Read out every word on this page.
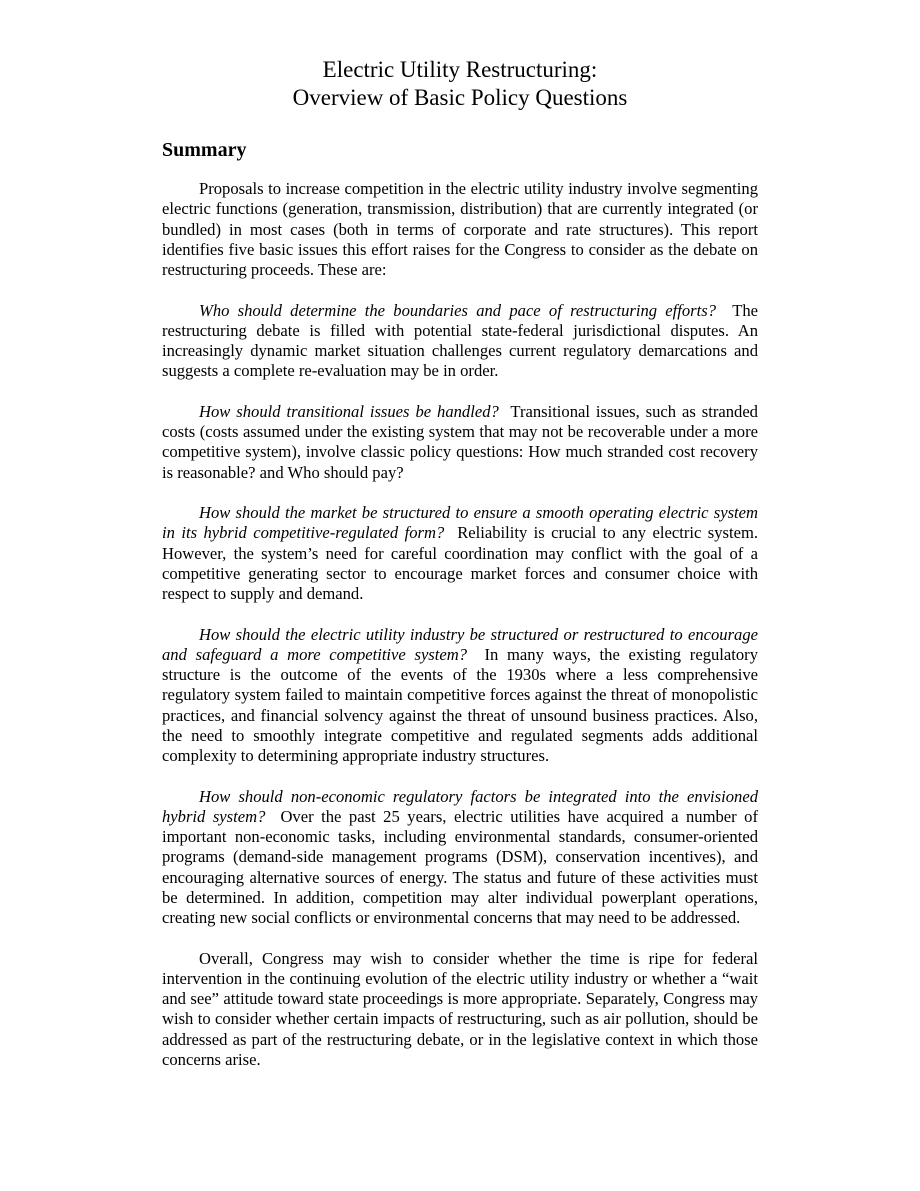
Electric Utility Restructuring:
Overview of Basic Policy Questions
Summary

Proposals to increase competition in the electric utility industry involve segmenting electric functions (generation, transmission, distribution) that are currently integrated (or bundled) in most cases (both in terms of corporate and rate structures). This report identifies five basic issues this effort raises for the Congress to consider as the debate on restructuring proceeds. These are:

Who should determine the boundaries and pace of restructuring efforts? The restructuring debate is filled with potential state-federal jurisdictional disputes. An increasingly dynamic market situation challenges current regulatory demarcations and suggests a complete re-evaluation may be in order.

How should transitional issues be handled? Transitional issues, such as stranded costs (costs assumed under the existing system that may not be recoverable under a more competitive system), involve classic policy questions: How much stranded cost recovery is reasonable? and Who should pay?

How should the market be structured to ensure a smooth operating electric system in its hybrid competitive-regulated form? Reliability is crucial to any electric system. However, the system’s need for careful coordination may conflict with the goal of a competitive generating sector to encourage market forces and consumer choice with respect to supply and demand.

How should the electric utility industry be structured or restructured to encourage and safeguard a more competitive system? In many ways, the existing regulatory structure is the outcome of the events of the 1930s where a less comprehensive regulatory system failed to maintain competitive forces against the threat of monopolistic practices, and financial solvency against the threat of unsound business practices. Also, the need to smoothly integrate competitive and regulated segments adds additional complexity to determining appropriate industry structures.

How should non-economic regulatory factors be integrated into the envisioned hybrid system? Over the past 25 years, electric utilities have acquired a number of important non-economic tasks, including environmental standards, consumer-oriented programs (demand-side management programs (DSM), conservation incentives), and encouraging alternative sources of energy. The status and future of these activities must be determined. In addition, competition may alter individual powerplant operations, creating new social conflicts or environmental concerns that may need to be addressed.

Overall, Congress may wish to consider whether the time is ripe for federal intervention in the continuing evolution of the electric utility industry or whether a “wait and see” attitude toward state proceedings is more appropriate. Separately, Congress may wish to consider whether certain impacts of restructuring, such as air pollution, should be addressed as part of the restructuring debate, or in the legislative context in which those concerns arise.
